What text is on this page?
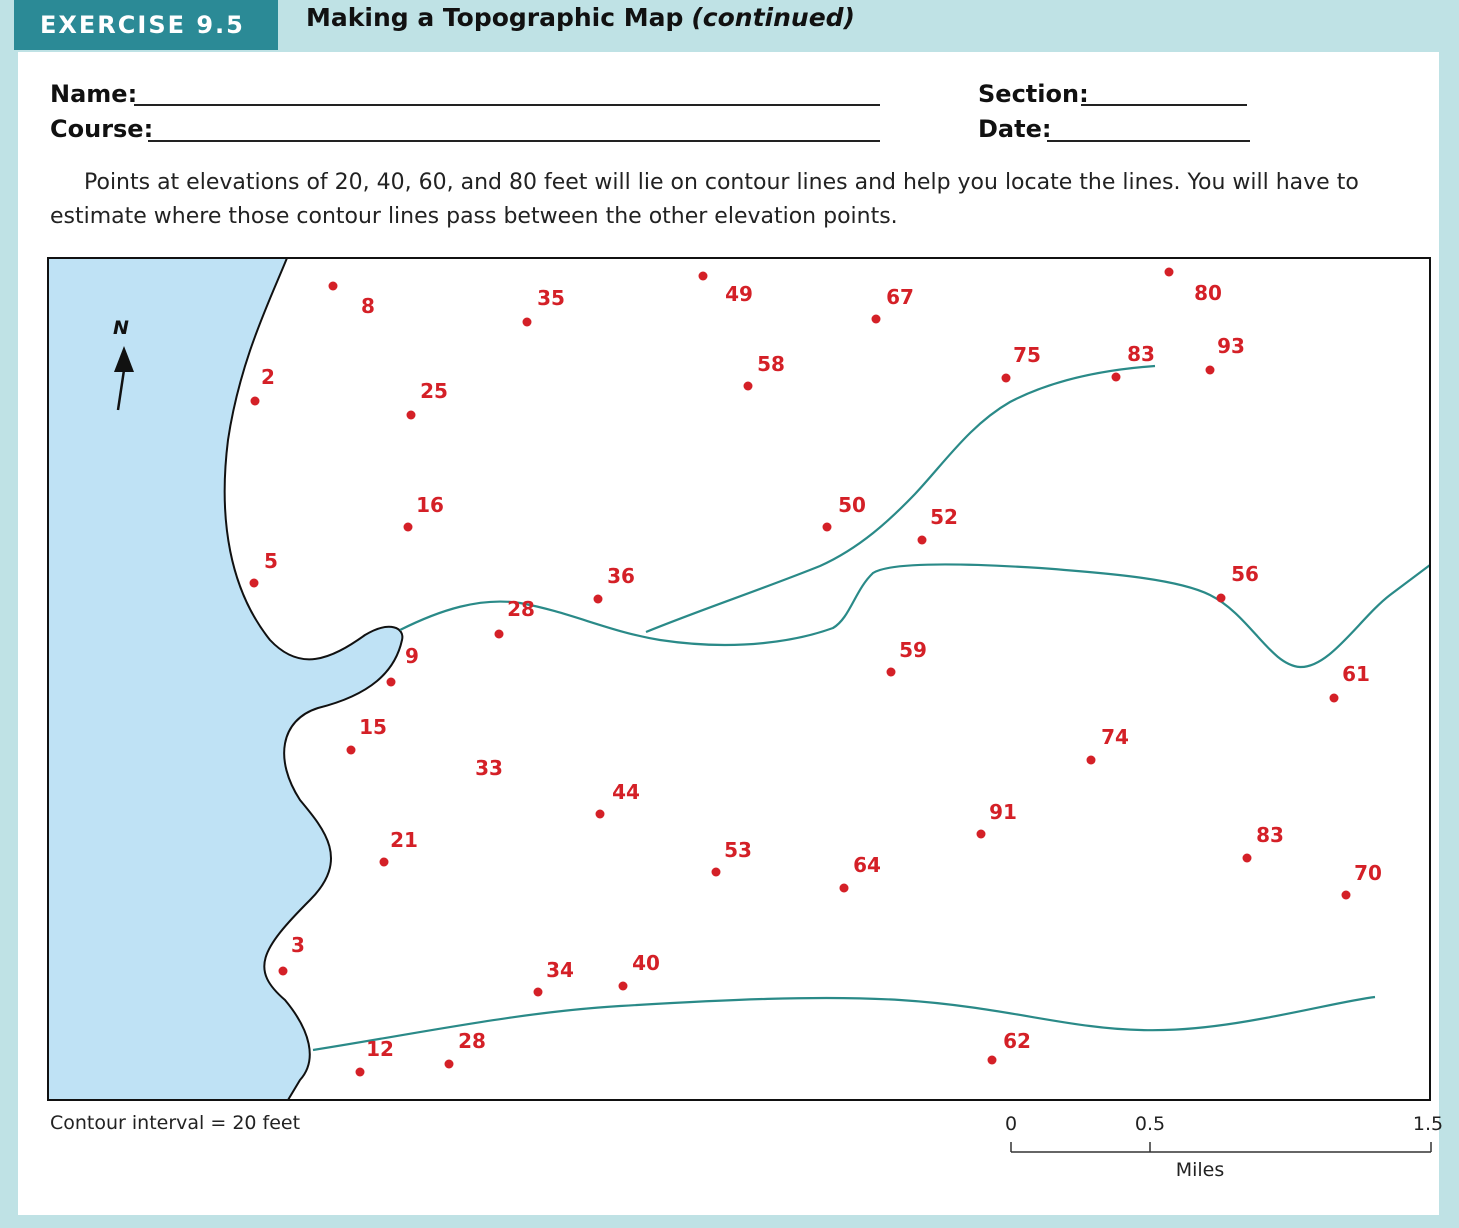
EXERCISE 9.5	Making a Topographic Map
(continued)
Name:
Course:
Section:
Date:
Points at elevations of 20, 40, 60, and 80 feet will lie on contour lines and help you locate the lines. You will have to estimate where those contour lines pass between the other elevation points.
N
8	35	49	67	80
2
25
58	75	83	93
16	50	52
5
36	56
28
9	59
61
15	74
33
44
91
21	53
64
83
70
3
34	40
12	28	62
0	0.5	1.5
Miles
Contour interval = 20 feet
